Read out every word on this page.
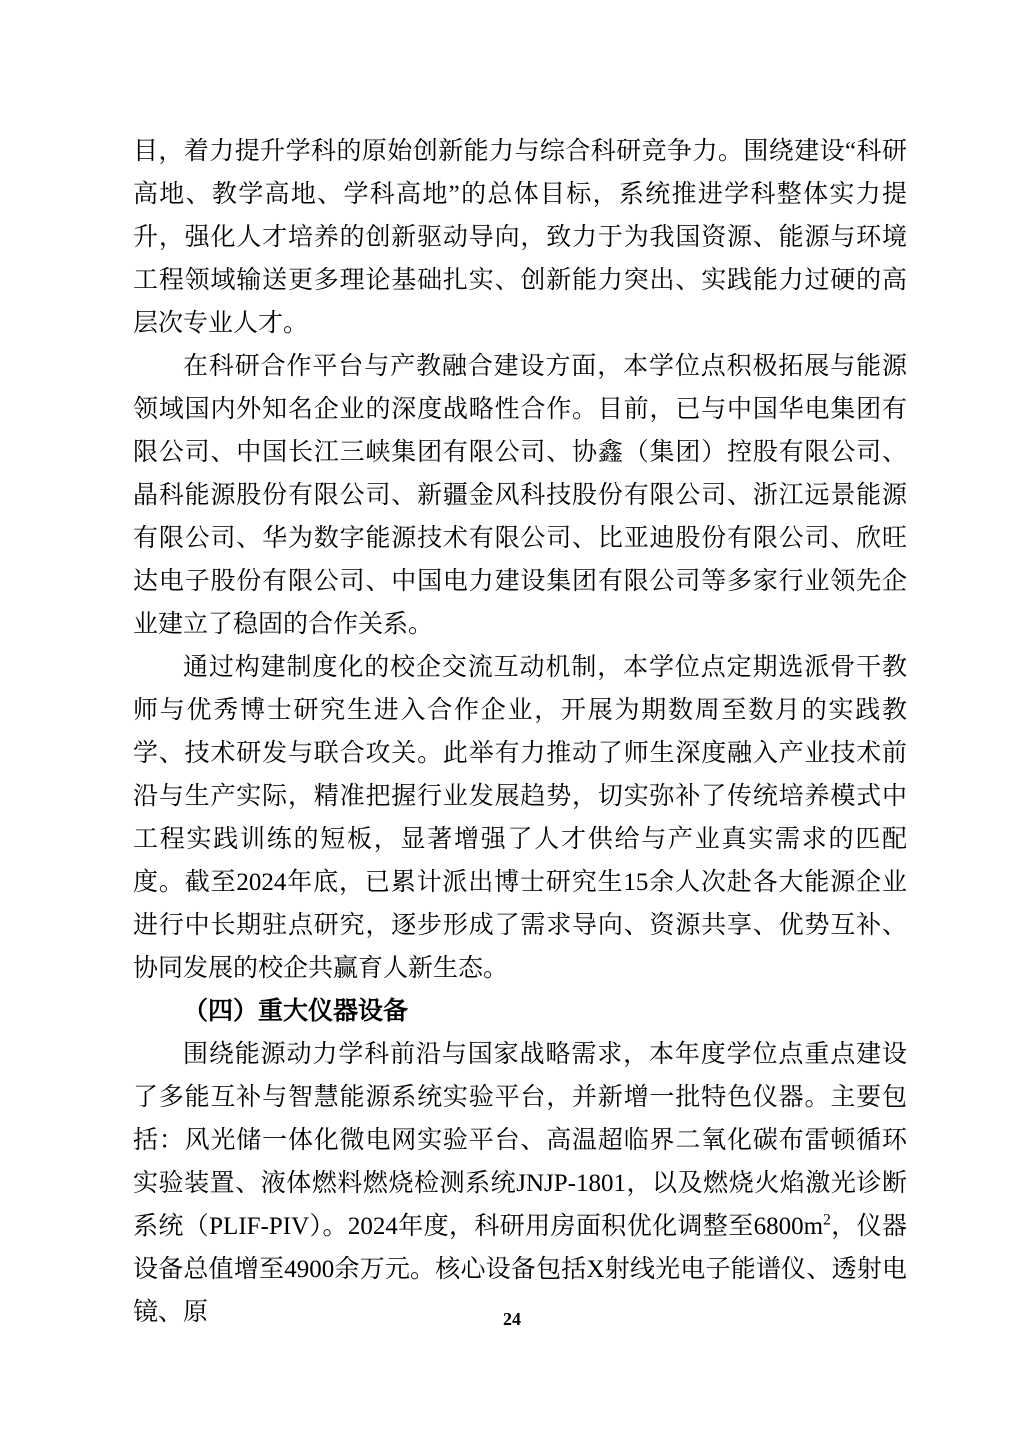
目，着力提升学科的原始创新能力与综合科研竞争力。围绕建设“科研高地、教学高地、学科高地”的总体目标，系统推进学科整体实力提升，强化人才培养的创新驱动导向，致力于为我国资源、能源与环境工程领域输送更多理论基础扎实、创新能力突出、实践能力过硬的高层次专业人才。

在科研合作平台与产教融合建设方面，本学位点积极拓展与能源领域国内外知名企业的深度战略性合作。目前，已与中国华电集团有限公司、中国长江三峡集团有限公司、协鑫（集团）控股有限公司、晶科能源股份有限公司、新疆金风科技股份有限公司、浙江远景能源有限公司、华为数字能源技术有限公司、比亚迪股份有限公司、欣旺达电子股份有限公司、中国电力建设集团有限公司等多家行业领先企业建立了稳固的合作关系。

通过构建制度化的校企交流互动机制，本学位点定期选派骨干教师与优秀博士研究生进入合作企业，开展为期数周至数月的实践教学、技术研发与联合攻关。此举有力推动了师生深度融入产业技术前沿与生产实际，精准把握行业发展趋势，切实弥补了传统培养模式中工程实践训练的短板，显著增强了人才供给与产业真实需求的匹配度。截至2024年底，已累计派出博士研究生15余人次赴各大能源企业进行中长期驻点研究，逐步形成了需求导向、资源共享、优势互补、协同发展的校企共赢育人新生态。

（四）重大仪器设备

围绕能源动力学科前沿与国家战略需求，本年度学位点重点建设了多能互补与智慧能源系统实验平台，并新增一批特色仪器。主要包括：风光储一体化微电网实验平台、高温超临界二氧化碳布雷顿循环实验装置、液体燃料燃烧检测系统JNJP-1801，以及燃烧火焰激光诊断系统（PLIF-PIV）。2024年度，科研用房面积优化调整至$6800m^2$，仪器设备总值增至4900余万元。核心设备包括X射线光电子能谱仪、透射电镜、原	24
